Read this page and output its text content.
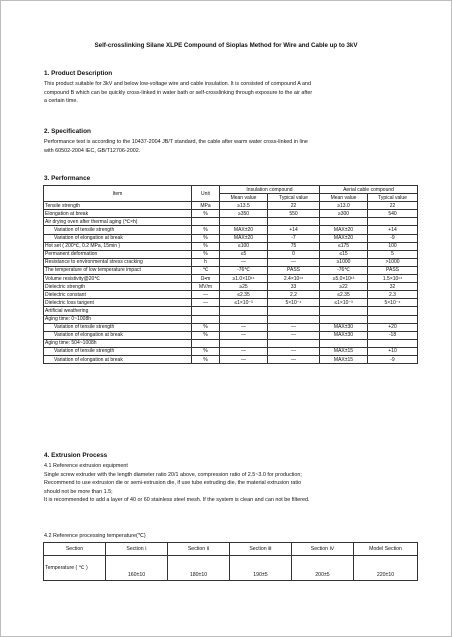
Self-crosslinking Silane XLPE Compound of Sioplas Method for Wire and Cable up to 3kV
1. Product Description
This product suitable for 3kV and below low-voltage wire and cable insulation. It is consisted of compound A and
compound B which can be quickly cross-linked in water bath or self-crosslinking through exposure to the air after
a certain time.
2. Specification
Performance test is according to the 10437-2004 JB/T standard, the cable after warm water cross-linked in line
with 60502-2004 IEC, GB/T12706-2002.
3. Performance
Item	Unit	Insulation compound		Aerial cable compound	
		Mean value	Typical value	Mean value	Typical value
Tensile strength	MPa	≥13.5	22	≥13.0	22
Elongation at break	%	≥350	550	≥300	540
Air drying oven after thermal aging (℃×h)					
Variation of tensile strength	%	MAX±20	+14	MAX±20	+14
Variation of elongation at break	%	MAX±20	-7	MAX±20	-9
Hot set ( 200℃, 0.2 MPa, 15min )	%	≤100	75	≤175	100
Permanent deformation	%	≤5	0	≤15	5
Resistance to environmental stress cracking	h	—	—	≥1000	>1000
The temperature of low temperature impact	℃	-76℃	PASS	-76℃	PASS
Volume resistivity@20℃	Ω•m	≥1.0×10¹⁴	2.4×10¹⁴	≥5.0×10¹³	1.5×10¹⁴
Dielectric strength	MV/m	≥25	33	≥22	32
Dielectric constant	—	≤2.35	2.2	≤2.35	2.3
Dielectric loss tangent	—	≤1×10⁻³	5×10⁻⁴	≤1×10⁻³	5×10⁻⁴
Artificial weathering					
Aging time: 0~1008h					
Variation of tensile strength	%	—	—	MAX±30	+20
Variation of elongation at break	%	—	—	MAX±30	-18
Aging time: 504~1008h					
Variation of tensile strength	%	—	—	MAX±15	+10
Variation of elongation at break	%	—	—	MAX±15	-9
4. Extrusion Process
4.1 Reference extrusion equipment
Single screw extruder with the length diameter ratio 20/1 above, compression ratio of 2.5~3.0 for production;
Recommend to use extrusion die or semi-extrusion die, if use tube extruding die, the material extrusion ratio
should not be more than 1.5;
It is recommended to add a layer of 40 or 60 stainless steel mesh. If the system is clean and can not be filtered.
4.2 Reference processing temperature(℃)
Section	Section Ⅰ	Section Ⅱ	Section Ⅲ	Section Ⅳ	Model Section
Temperature ( ℃ )	160±10	180±10	190±5	200±5	220±10
